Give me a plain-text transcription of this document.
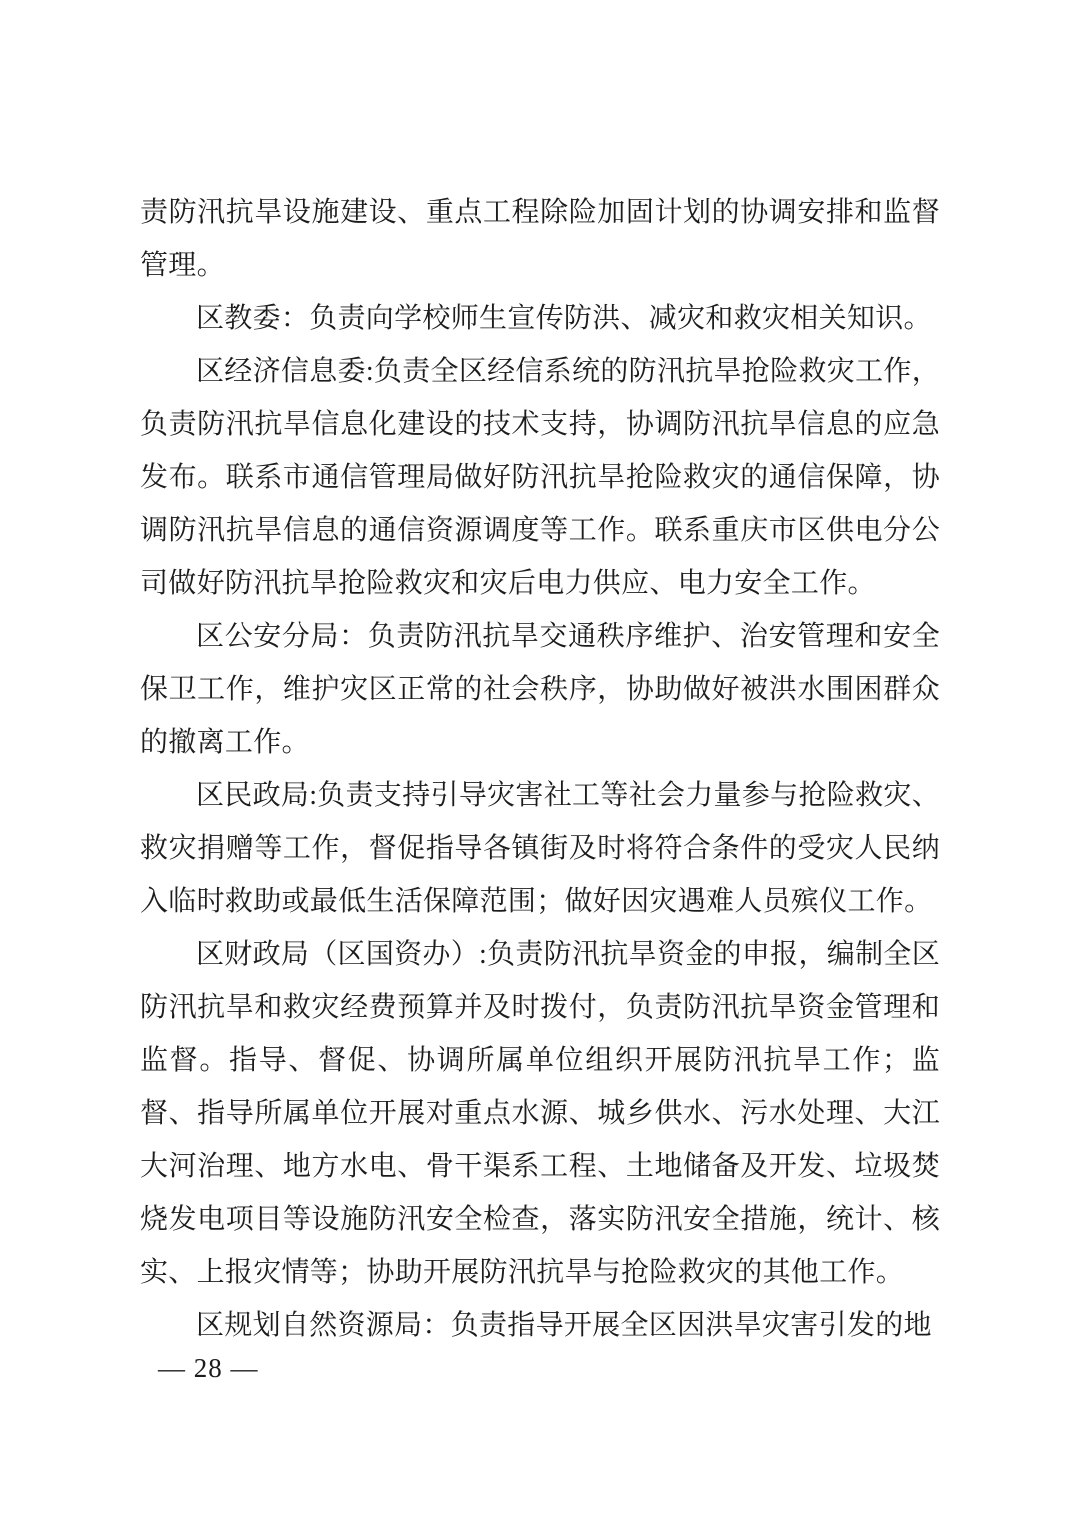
责防汛抗旱设施建设、重点工程除险加固计划的协调安排和监督管理。

区教委：负责向学校师生宣传防洪、减灾和救灾相关知识。

区经济信息委:负责全区经信系统的防汛抗旱抢险救灾工作，负责防汛抗旱信息化建设的技术支持，协调防汛抗旱信息的应急发布。联系市通信管理局做好防汛抗旱抢险救灾的通信保障，协调防汛抗旱信息的通信资源调度等工作。联系重庆市区供电分公司做好防汛抗旱抢险救灾和灾后电力供应、电力安全工作。

区公安分局：负责防汛抗旱交通秩序维护、治安管理和安全保卫工作，维护灾区正常的社会秩序，协助做好被洪水围困群众的撤离工作。

区民政局:负责支持引导灾害社工等社会力量参与抢险救灾、救灾捐赠等工作，督促指导各镇街及时将符合条件的受灾人民纳入临时救助或最低生活保障范围；做好因灾遇难人员殡仪工作。

区财政局（区国资办）:负责防汛抗旱资金的申报，编制全区防汛抗旱和救灾经费预算并及时拨付，负责防汛抗旱资金管理和监督。指导、督促、协调所属单位组织开展防汛抗旱工作；监督、指导所属单位开展对重点水源、城乡供水、污水处理、大江大河治理、地方水电、骨干渠系工程、土地储备及开发、垃圾焚烧发电项目等设施防汛安全检查，落实防汛安全措施，统计、核实、上报灾情等；协助开展防汛抗旱与抢险救灾的其他工作。

区规划自然资源局：负责指导开展全区因洪旱灾害引发的地

— 28 —
